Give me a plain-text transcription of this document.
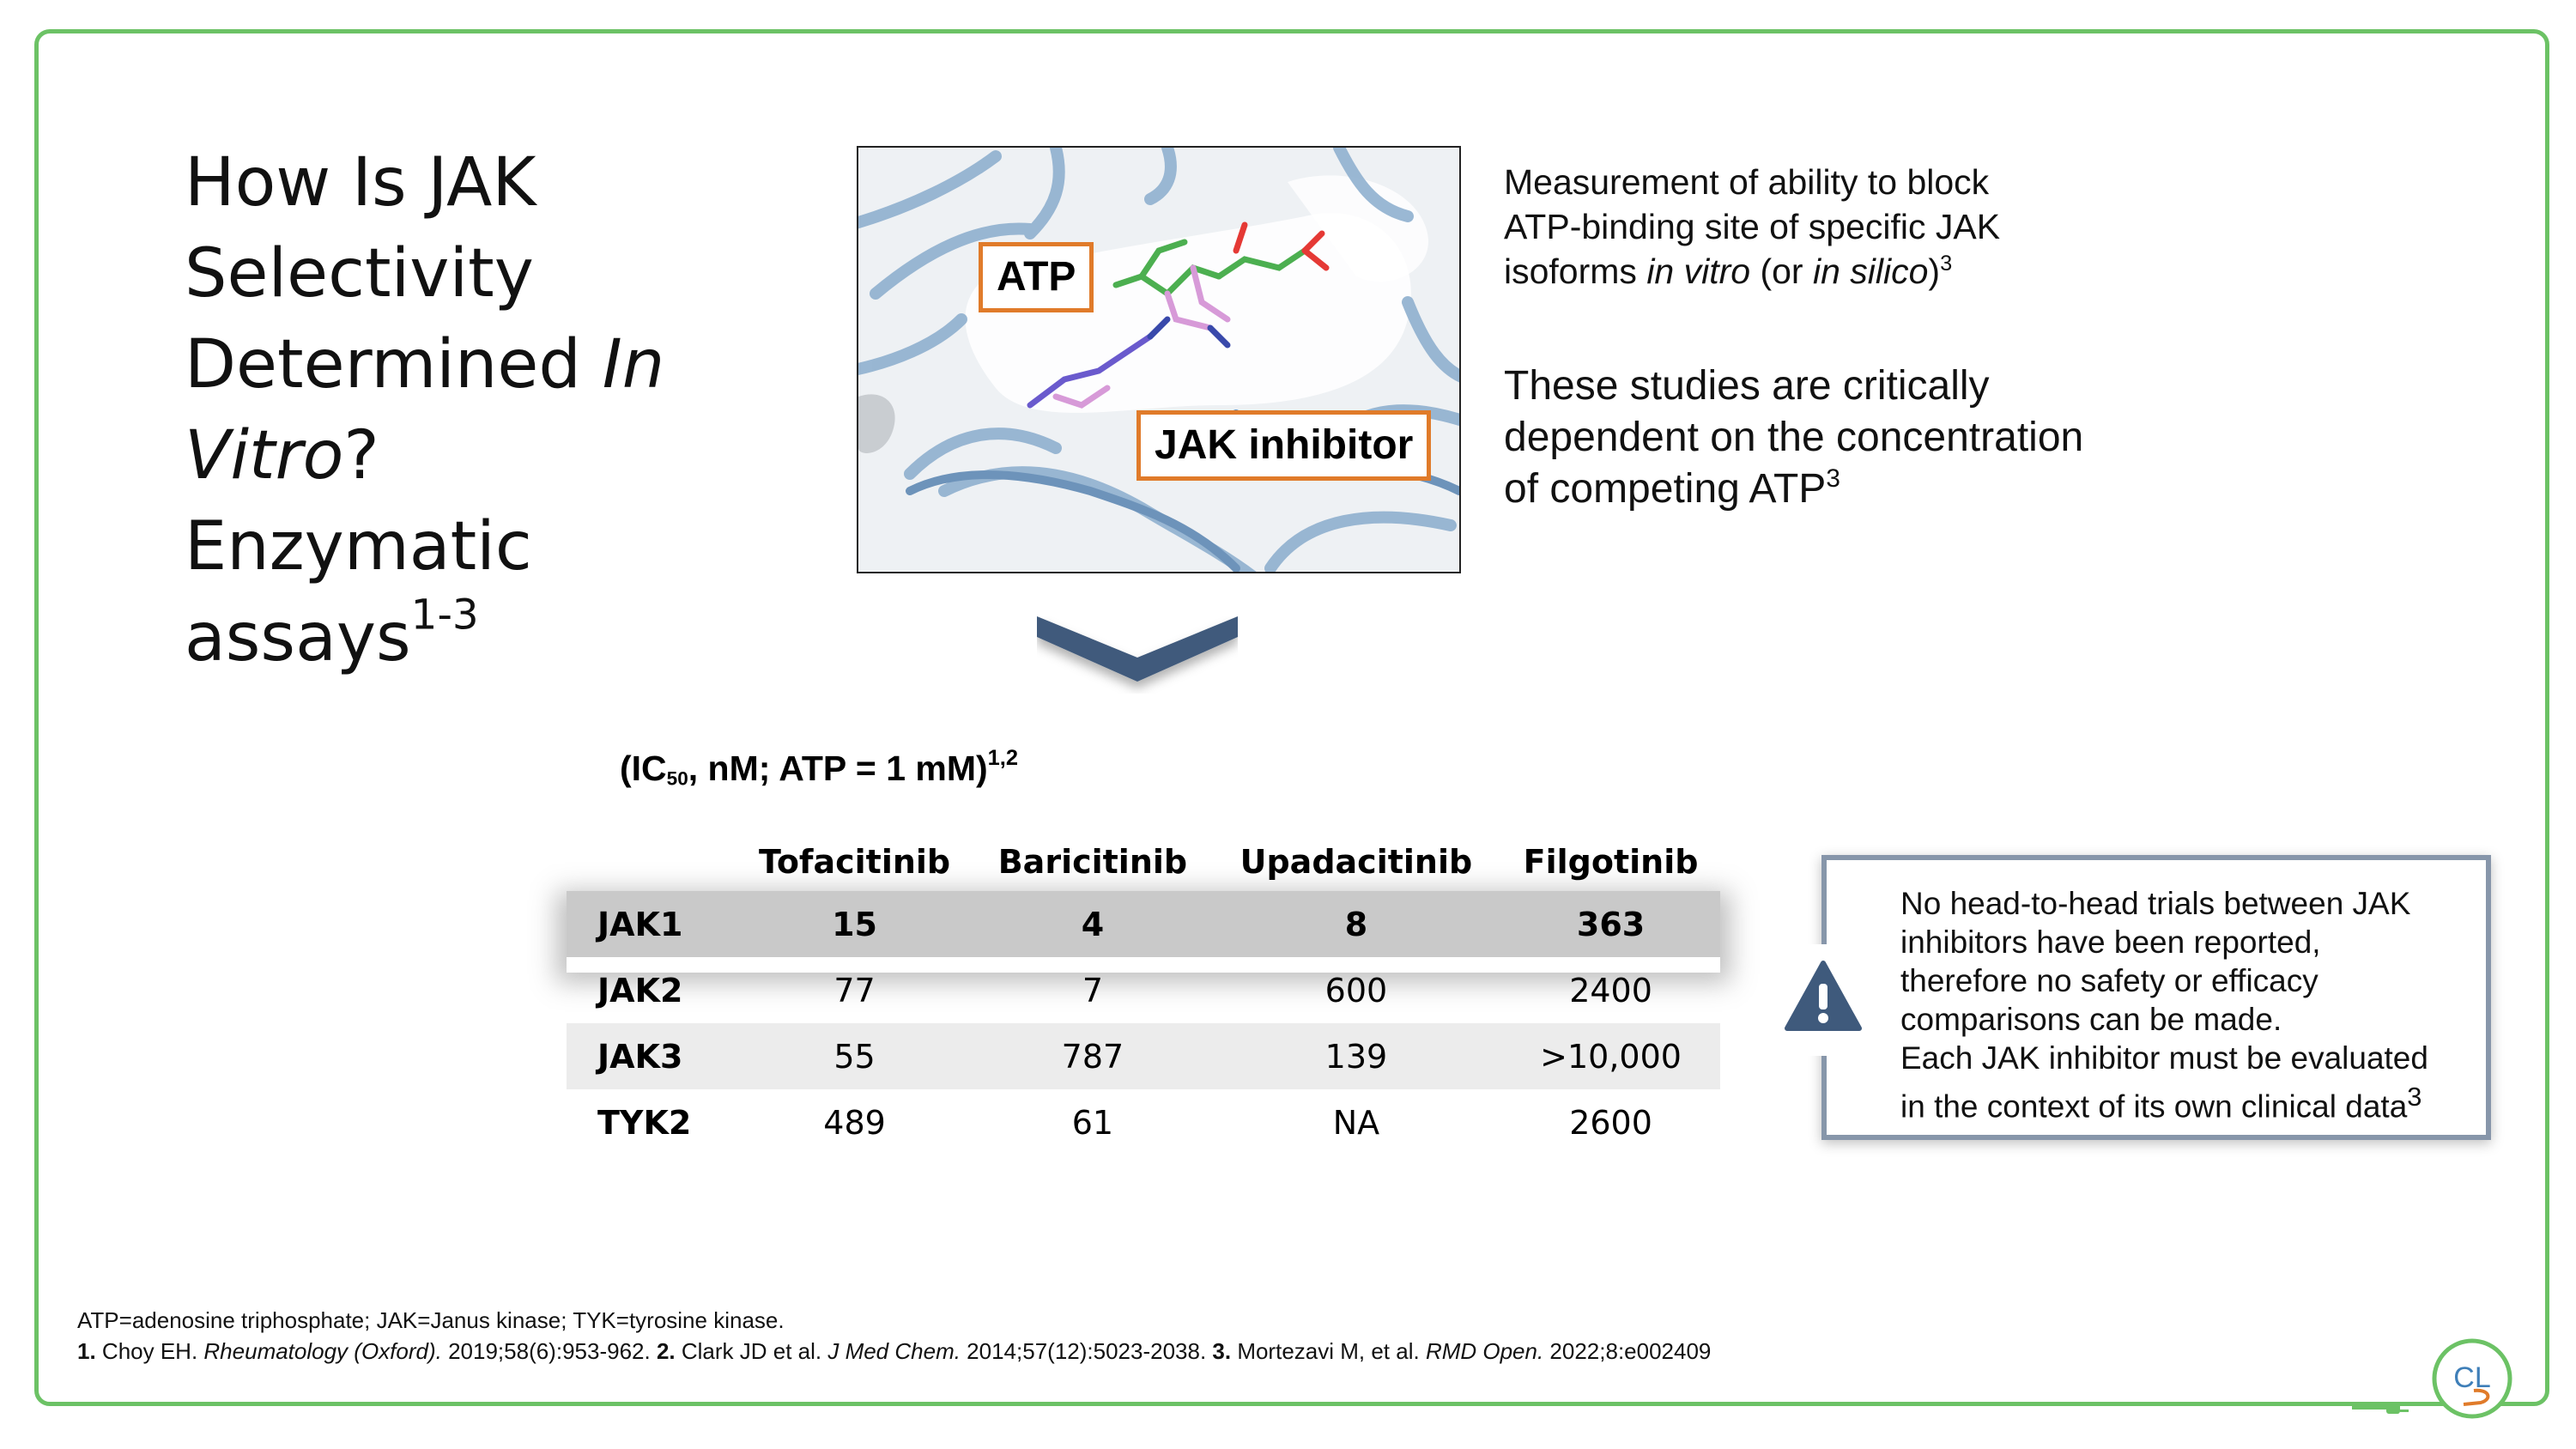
How Is JAK
Selectivity
Determined In
Vitro?
Enzymatic
assays$^{1-3}$
ATP
JAK inhibitor
Measurement of ability to block
ATP-binding site of specific JAK
isoforms in vitro (or in silico)$^3$
These studies are critically
dependent on the concentration
of competing ATP$^3$
($IC_{50}$, nM; ATP = 1 mM)$^{1,2}$
	Tofacitinib	Baricitinib	Upadacitinib	Filgotinib
JAK1	15	4	8	363
JAK2	77	7	600	2400
JAK3	55	787	139	>10,000
TYK2	489	61	NA	2600
No head-to-head trials between JAK
inhibitors have been reported,
therefore no safety or efficacy
comparisons can be made.
Each JAK inhibitor must be evaluated
in the context of its own clinical data$^3$
ATP=adenosine triphosphate; JAK=Janus kinase; TYK=tyrosine kinase.
1. Choy EH. Rheumatology (Oxford). 2019;58(6):953-962. 2. Clark JD et al. J Med Chem. 2014;57(12):5023-2038. 3. Mortezavi M, et al. RMD Open. 2022;8:e002409
CL
